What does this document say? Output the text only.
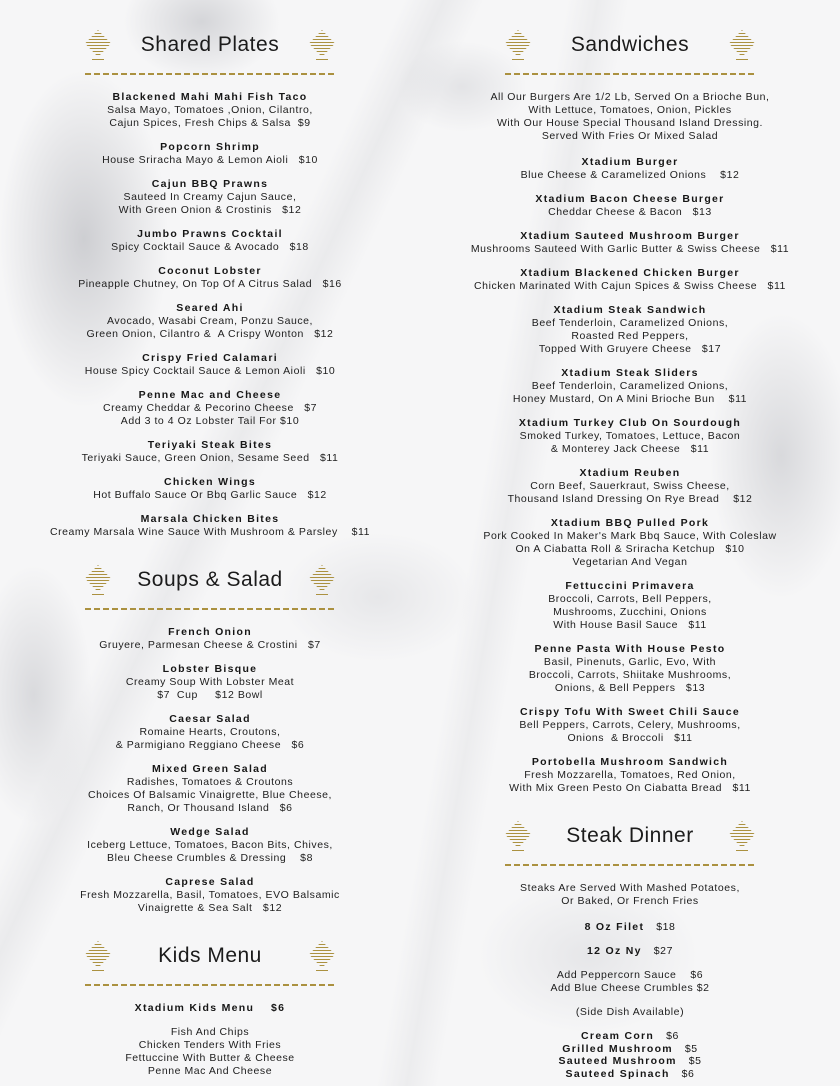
Shared Plates
Blackened Mahi Mahi Fish Taco
Salsa Mayo, Tomatoes ,Onion, Cilantro,
Cajun Spices, Fresh Chips & Salsa  $9
Popcorn Shrimp
House Sriracha Mayo & Lemon Aioli   $10
Cajun BBQ Prawns
Sauteed In Creamy Cajun Sauce,
With Green Onion & Crostinis   $12
Jumbo Prawns Cocktail
Spicy Cocktail Sauce & Avocado   $18
Coconut Lobster
Pineapple Chutney, On Top Of A Citrus Salad   $16
Seared Ahi
Avocado, Wasabi Cream, Ponzu Sauce,
Green Onion, Cilantro &  A Crispy Wonton   $12
Crispy Fried Calamari
House Spicy Cocktail Sauce & Lemon Aioli   $10
Penne Mac and Cheese
Creamy Cheddar & Pecorino Cheese   $7
Add 3 to 4 Oz Lobster Tail For $10
Teriyaki Steak Bites
Teriyaki Sauce, Green Onion, Sesame Seed   $11
Chicken Wings
Hot Buffalo Sauce Or Bbq Garlic Sauce   $12
Marsala Chicken Bites
Creamy Marsala Wine Sauce With Mushroom & Parsley    $11
Soups & Salad
French Onion
Gruyere, Parmesan Cheese & Crostini   $7
Lobster Bisque
Creamy Soup With Lobster Meat
$7  Cup     $12 Bowl
Caesar Salad
Romaine Hearts, Croutons,
& Parmigiano Reggiano Cheese   $6
Mixed Green Salad
Radishes, Tomatoes & Croutons
Choices Of Balsamic Vinaigrette, Blue Cheese,
Ranch, Or Thousand Island   $6
Wedge Salad
Iceberg Lettuce, Tomatoes, Bacon Bits, Chives,
Bleu Cheese Crumbles & Dressing    $8
Caprese Salad
Fresh Mozzarella, Basil, Tomatoes, EVO Balsamic
Vinaigrette & Sea Salt   $12
Kids Menu
Xtadium Kids Menu    $6
Fish And Chips
Chicken Tenders With Fries
Fettuccine With Butter & Cheese
Penne Mac And Cheese
Sandwiches
All Our Burgers Are 1/2 Lb, Served On a Brioche Bun,
With Lettuce, Tomatoes, Onion, Pickles
With Our House Special Thousand Island Dressing.
Served With Fries Or Mixed Salad
Xtadium Burger
Blue Cheese & Caramelized Onions    $12
Xtadium Bacon Cheese Burger
Cheddar Cheese & Bacon   $13
Xtadium Sauteed Mushroom Burger
Mushrooms Sauteed With Garlic Butter & Swiss Cheese   $11
Xtadium Blackened Chicken Burger
Chicken Marinated With Cajun Spices & Swiss Cheese   $11
Xtadium Steak Sandwich
Beef Tenderloin, Caramelized Onions,
Roasted Red Peppers,
Topped With Gruyere Cheese   $17
Xtadium Steak Sliders
Beef Tenderloin, Caramelized Onions,
Honey Mustard, On A Mini Brioche Bun    $11
Xtadium Turkey Club On Sourdough
Smoked Turkey, Tomatoes, Lettuce, Bacon
& Monterey Jack Cheese   $11
Xtadium Reuben
Corn Beef, Sauerkraut, Swiss Cheese,
Thousand Island Dressing On Rye Bread    $12
Xtadium BBQ Pulled Pork
Pork Cooked In Maker's Mark Bbq Sauce, With Coleslaw
On A Ciabatta Roll & Sriracha Ketchup   $10
Vegetarian And Vegan
Fettuccini Primavera
Broccoli, Carrots, Bell Peppers,
Mushrooms, Zucchini, Onions
With House Basil Sauce   $11
Penne Pasta With House Pesto
Basil, Pinenuts, Garlic, Evo, With
Broccoli, Carrots, Shiitake Mushrooms,
Onions, & Bell Peppers   $13
Crispy Tofu With Sweet Chili Sauce
Bell Peppers, Carrots, Celery, Mushrooms,
Onions  & Broccoli   $11
Portobella Mushroom Sandwich
Fresh Mozzarella, Tomatoes, Red Onion,
With Mix Green Pesto On Ciabatta Bread   $11
Steak Dinner
Steaks Are Served With Mashed Potatoes,
Or Baked, Or French Fries
8 Oz Filet $18
12 Oz Ny $27
Add Peppercorn Sauce    $6
Add Blue Cheese Crumbles $2
(Side Dish Available)
Cream Corn $6
Grilled Mushroom $5
Sauteed Mushroom $5
Sauteed Spinach $6
